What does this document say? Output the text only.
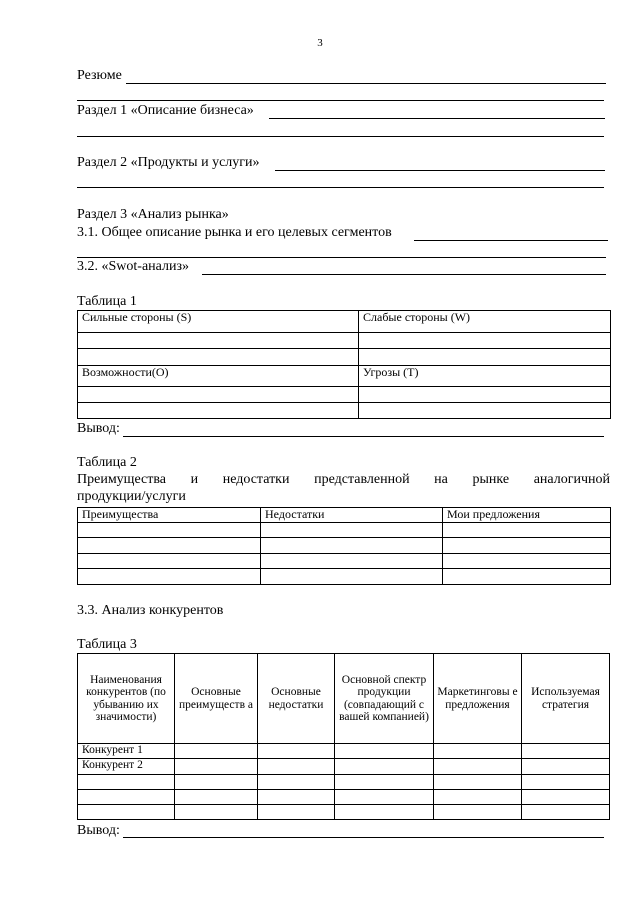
3
Резюме
Раздел 1 «Описание бизнеса»
Раздел 2 «Продукты и услуги»
Раздел 3 «Анализ рынка»
3.1. Общее описание рынка и его целевых сегментов
3.2. «Swot-анализ»
Таблица 1
Сильные стороны (S)	Слабые стороны (W)

Возможности(О)	Угрозы (T)

Вывод:
Таблица 2
Преимущества и недостатки представленной на рынке аналогичной
продукции/услуги
Преимущества	Недостатки	Мои предложения

3.3. Анализ конкурентов
Таблица 3
Наименования конкурентов (по убыванию их значимости)	Основные преимуществ а	Основные недостатки	Основной спектр продукции (совпадающий с вашей компанией)	Маркетинговы е предложения	Используемая стратегия
Конкурент 1					
Конкурент 2					

Вывод:
